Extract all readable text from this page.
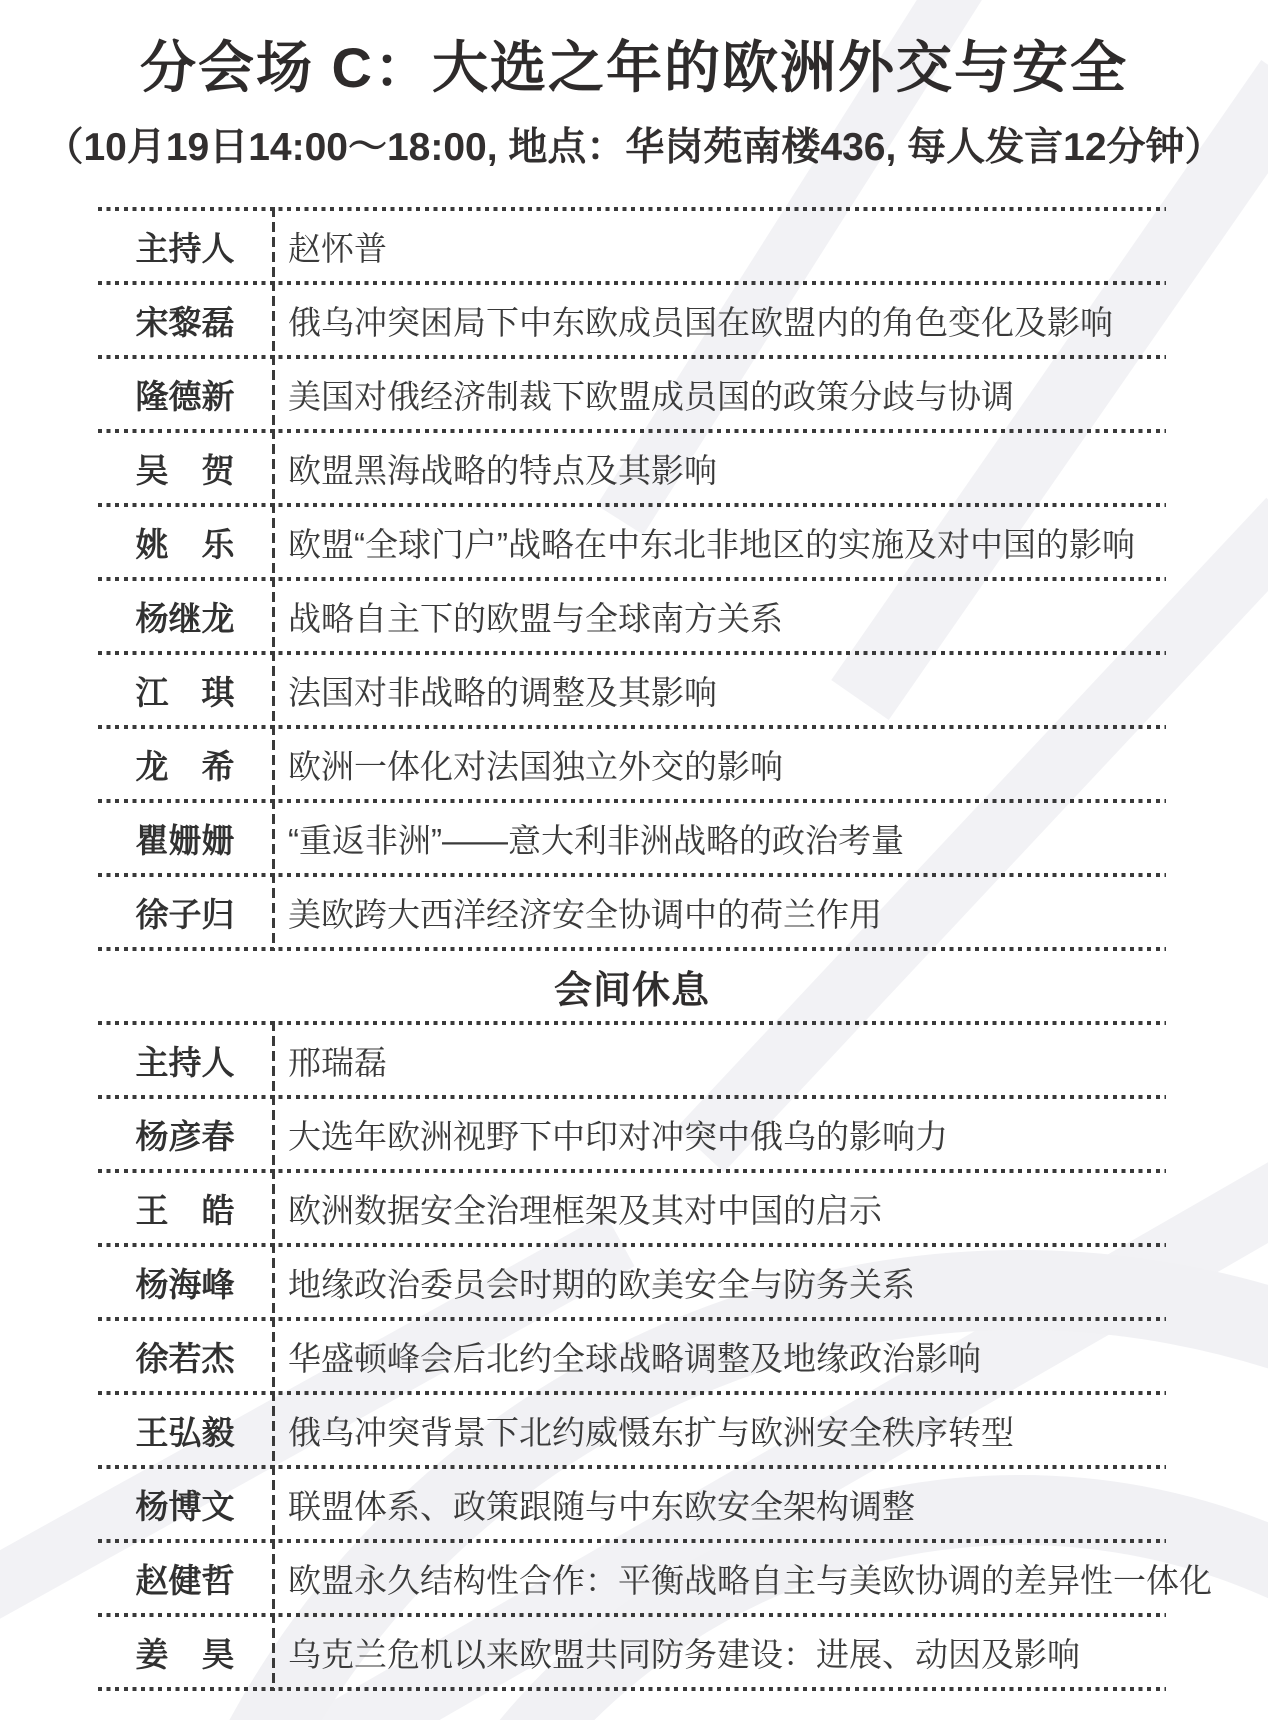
分会场 C：大选之年的欧洲外交与安全
（10月19日14:00～18:00, 地点：华岗苑南楼436, 每人发言12分钟）
主持人	赵怀普
宋黎磊	俄乌冲突困局下中东欧成员国在欧盟内的角色变化及影响
隆德新	美国对俄经济制裁下欧盟成员国的政策分歧与协调
吴　贺	欧盟黑海战略的特点及其影响
姚　乐	欧盟“全球门户”战略在中东北非地区的实施及对中国的影响
杨继龙	战略自主下的欧盟与全球南方关系
江　琪	法国对非战略的调整及其影响
龙　希	欧洲一体化对法国独立外交的影响
瞿姗姗	“重返非洲”——意大利非洲战略的政治考量
徐子归	美欧跨大西洋经济安全协调中的荷兰作用
会间休息
主持人	邢瑞磊
杨彦春	大选年欧洲视野下中印对冲突中俄乌的影响力
王　皓	欧洲数据安全治理框架及其对中国的启示
杨海峰	地缘政治委员会时期的欧美安全与防务关系
徐若杰	华盛顿峰会后北约全球战略调整及地缘政治影响
王弘毅	俄乌冲突背景下北约威慑东扩与欧洲安全秩序转型
杨博文	联盟体系、政策跟随与中东欧安全架构调整
赵健哲	欧盟永久结构性合作：平衡战略自主与美欧协调的差异性一体化
姜　昊	乌克兰危机以来欧盟共同防务建设：进展、动因及影响
